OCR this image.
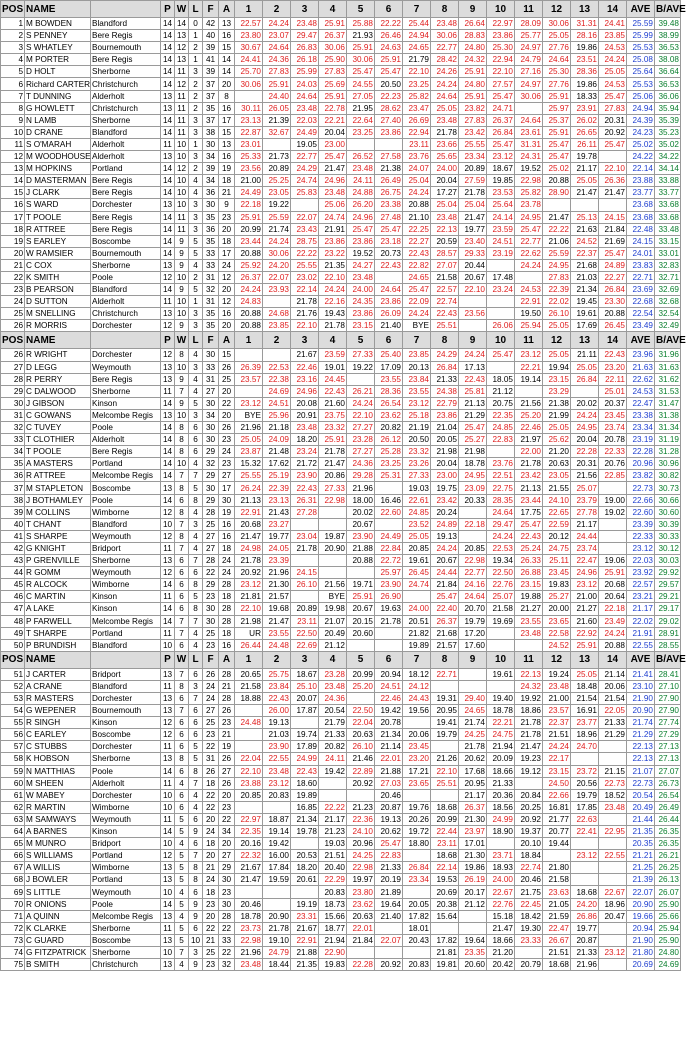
POS	NAME		P	W	L	F	A	1	2	3	4	5	6	7	8	9	10	11	12	13	14	AVE	B/AVE
1	M BOWDEN	Blandford	14	14	0	42	13	22.57	24.24	23.48	25.91	25.88	22.22	25.44	23.48	26.64	22.97	28.09	30.06	31.31	24.41	25.59	39.48
2	S PENNEY	Bere Regis	14	13	1	40	16	23.80	23.07	29.47	26.37	21.93	26.46	24.94	30.06	28.83	23.86	25.77	25.05	28.16	23.85	25.99	38.99
3	S WHATLEY	Bournemouth	14	12	2	39	15	30.67	24.64	26.83	30.06	25.91	24.63	24.65	22.77	24.80	25.30	24.97	27.76	19.86	24.53	25.53	36.53
4	M PORTER	Bere Regis	14	13	1	41	14	24.41	24.36	26.18	25.90	30.06	25.91	21.79	28.42	24.32	22.94	24.79	24.64	23.51	24.24	25.08	38.08
5	D HOLT	Sherborne	14	11	3	39	14	25.70	27.83	25.99	27.83	25.47	25.47	22.10	24.26	25.91	22.10	27.16	25.30	28.36	25.05	25.64	36.64
6	Richard CARTER	Christchurch	14	12	2	37	20	30.06	25.91	24.03	25.69	24.55	20.50	23.25	24.24	24.80	27.57	24.97	27.76	19.86	24.53	25.53	36.53
7	T DUNNING	Alderholt	13	11	2	37	8		24.40	24.64	25.91	27.05	22.23	25.82	24.64	25.91	25.47	30.06	25.91	18.33	25.47	25.06	36.06
8	G HOWLETT	Christchurch	13	11	2	35	16	30.11	26.05	23.48	22.78	21.95	28.62	23.47	25.05	23.82	24.71		25.97	23.91	27.83	24.94	35.94
9	N LAMB	Sherborne	14	11	3	37	17	23.13	21.39	22.03	22.21	22.64	27.40	26.69	23.48	27.83	26.37	24.64	25.37	26.02	20.31	24.39	35.39
10	D CRANE	Blandford	14	11	3	38	15	22.87	32.67	24.49	20.04	23.25	23.86	22.94	21.78	23.42	26.84	23.61	25.91	26.65	20.92	24.23	35.23
11	S O'MARAH	Alderholt	11	10	1	30	13	23.01		19.05	23.00			23.11	23.66	25.55	25.47	31.31	25.47	26.11	25.47	25.02	35.02
12	M WOODHOUSE	Alderholt	13	10	3	34	16	25.33	21.73	22.77	25.47	26.52	27.58	23.76	25.65	23.34	23.12	24.31	25.47	19.78		24.22	34.22
13	M HOPKINS	Portland	14	12	2	39	19	23.56	20.89	24.29	21.47	23.48	21.38	24.07	24.00	20.89	18.67	19.52	25.02	21.17	22.10	22.14	34.14
14	D MASTERMAN	Bere Regis	14	10	4	34	18	21.00	25.25	24.74	24.96	24.11	26.49	25.04	20.04	27.59	19.85	22.98	20.88	25.05	26.36	23.88	33.88
15	J CLARK	Bere Regis	14	10	4	36	21	24.49	23.05	25.83	23.48	24.88	26.75	24.24	17.27	21.78	23.53	25.82	28.90	21.47	21.47	23.77	33.77
16	S WARD	Dorchester	13	10	3	30	9	22.18	19.22		25.06	26.20	23.38	20.88	25.04	25.04	25.64	23.78				23.68	33.68
17	T POOLE	Bere Regis	14	11	3	35	23	25.91	25.59	22.07	24.74	24.96	27.48	21.10	23.48	21.47	24.14	24.95	21.47	25.13	24.15	23.68	33.68
18	R ATTREE	Bere Regis	14	11	3	36	20	20.99	21.74	23.43	21.91	25.47	25.47	22.25	22.13	19.77	23.59	25.47	22.22	21.63	21.84	22.48	33.48
19	S EARLEY	Boscombe	14	9	5	35	18	23.44	24.24	28.75	23.86	23.86	23.18	22.27	20.59	23.40	24.51	22.77	21.06	24.52	21.69	24.15	33.15
20	W RAMSIER	Bournemouth	14	9	5	33	17	20.88	30.06	22.22	23.22	19.52	20.73	22.43	28.57	29.33	23.19	22.62	25.59	22.37	25.47	24.01	33.01
21	C COX	Sherborne	13	9	4	33	24	25.92	24.20	25.55	21.35	24.27	22.43	22.82	27.07	20.44		24.24	24.95	21.68	24.89	23.83	32.83
22	K SMITH	Poole	12	10	2	31	12	26.37	22.07	23.02	22.10	23.48		24.65	21.58	20.67	17.48		27.83	21.03	22.27	22.71	32.71
23	B PEARSON	Blandford	14	9	5	32	20	24.24	23.93	22.14	24.24	24.00	24.64	25.47	22.57	22.10	23.24	24.53	22.39	21.34	26.84	23.69	32.69
24	D SUTTON	Alderholt	11	10	1	31	12	24.83		21.78	22.16	24.35	23.86	22.09	22.74			22.91	22.02	19.45	23.30	22.68	32.68
25	M SNELLING	Christchurch	13	10	3	35	16	20.88	24.68	21.76	19.43	23.86	26.09	24.24	22.43	23.56		19.50	26.10	19.61	20.88	22.54	32.54
26	R MORRIS	Dorchester	12	9	3	35	20	20.88	23.85	22.10	21.78	23.15	21.40	BYE	25.51		26.06	25.94	25.05	17.69	26.45	23.49	32.49
POS	NAME		P	W	L	F	A	1	2	3	4	5	6	7	8	9	10	11	12	13	14	AVE	B/AVE
26	R WRIGHT	Dorchester	12	8	4	30	15			21.67	23.59	27.33	25.40	23.85	24.29	24.24	25.47	23.12	25.05	21.11	22.43	23.96	31.96
27	D LEGG	Weymouth	13	10	3	33	26	26.39	22.53	22.46	19.01	19.22	17.09	20.13	26.84	17.13		22.21	19.94	25.05	23.20	21.63	31.63
28	R PERRY	Bere Regis	13	9	4	31	25	23.57	22.38	23.16	24.45		23.55	23.84	21.33	22.43	18.05	19.14	23.15	26.84	22.11	22.62	31.62
29	C DALWOOD	Sherborne	11	7	4	27	20		24.69	24.96	22.43	26.21	28.36	23.55	24.38	25.81	21.12		23.29		25.01	24.53	31.53
30	J GIBSON	Kinson	14	9	5	30	22	23.12	24.51	20.08	21.60	24.24	26.54	23.12	22.79	21.13	20.75	21.56	21.38	20.02	20.37	22.47	31.47
31	C GOWANS	Melcombe Regis	13	10	3	34	20	BYE	25.96	20.91	23.75	22.10	23.62	25.18	23.86	21.29	22.35	25.20	21.99	24.24	23.45	23.38	31.38
32	C TUVEY	Poole	14	8	6	30	26	21.96	21.18	23.48	23.32	27.27	20.82	21.19	21.04	25.47	24.85	22.46	25.05	24.95	23.74	23.34	31.34
33	T CLOTHIER	Alderholt	14	8	6	30	23	25.05	24.09	18.20	25.91	23.28	26.12	20.50	20.05	25.27	22.83	21.97	25.62	20.04	20.78	23.19	31.19
34	T POOLE	Bere Regis	14	8	6	29	24	23.87	21.48	23.24	21.78	27.27	25.28	23.32	21.98	21.98		22.00	21.20	22.28	22.33	22.28	31.28
35	A MASTERS	Portland	14	10	4	32	23	15.32	17.62	21.72	21.47	24.36	23.25	23.26	20.04	18.78	23.76	21.78	20.63	20.31	20.76	20.96	30.96
36	R ATTREE	Melcombe Regis	14	7	7	29	27	25.55	25.19	23.90	20.86	29.28	25.31	27.33	23.00	24.95	22.51	23.42	23.05	21.56	22.85	23.82	30.82
37	M STAPLETON	Boscombe	13	8	5	30	17	26.24	22.39	22.43	27.33	21.96		19.03	19.75	23.09	22.75	21.13	21.55	25.07		22.73	30.73
38	J BOTHAMLEY	Poole	14	6	8	29	30	21.13	23.13	26.31	22.98	18.00	16.46	22.61	23.42	20.33	28.35	23.44	24.10	23.79	19.00	22.66	30.66
39	M COLLINS	Wimborne	12	8	4	28	19	22.91	21.43	27.28		20.02	22.60	24.85	20.24		24.64	17.75	22.65	27.78	19.02	22.60	30.60
40	T CHANT	Blandford	10	7	3	25	16	20.68	23.27			20.67		23.52	24.89	22.18	29.47	25.47	22.59	21.17		23.39	30.39
41	S SHARPE	Weymouth	12	8	4	27	16	21.47	19.77	23.04	19.87	23.90	24.49	25.05	19.13		24.24	22.43	20.12	24.44		22.33	30.33
42	G KNIGHT	Bridport	11	7	4	27	18	24.98	24.05	21.78	20.90	21.88	22.84	20.85	24.24	20.85	22.53	25.24	24.75	23.74		23.12	30.12
43	P GRENVILLE	Sherborne	13	6	7	28	24	21.78	23.39			20.88	22.72	19.61	20.67	22.98	19.34	26.33	25.11	22.47	19.06	22.03	30.03
44	R GOMM	Weymouth	12	6	6	22	24	20.92	21.96	24.15			25.97	26.45	24.44	22.77	22.50	26.88	23.45	24.96	25.91	23.92	29.92
45	R ALCOCK	Wimborne	14	6	8	29	28	23.12	21.30	26.10	21.56	19.71	23.90	24.74	21.84	24.16	22.76	23.15	19.83	23.12	20.68	22.57	29.57
46	C MARTIN	Kinson	11	6	5	23	18	21.81	21.57		BYE	25.91	26.90		25.47	24.64	25.07	19.88	25.27	21.00	20.64	23.21	29.21
47	A LAKE	Kinson	14	6	8	30	28	22.10	19.68	20.89	19.98	20.67	19.63	24.00	22.40	20.70	21.58	21.27	20.00	21.27	22.18	21.17	29.17
48	P FARWELL	Melcombe Regis	14	7	7	30	28	21.98	21.47	23.11	21.07	20.15	21.78	20.51	26.37	19.79	19.69	23.55	23.65	21.60	23.49	22.02	29.02
49	T SHARPE	Portland	11	7	4	25	18	UR	23.55	22.50	20.49	20.60		21.82	21.68	17.20		23.48	22.58	22.92	24.24	21.91	28.91
50	P BRUNDISH	Blandford	10	6	4	23	16	26.44	24.48	22.69	21.12			19.89	21.57	17.60			24.52	25.91	20.88	22.55	28.55
POS	NAME		P	W	L	F	A	1	2	3	4	5	6	7	8	9	10	11	12	13	14	AVE	B/AVE
51	J CARTER	Bridport	13	7	6	26	28	20.65	25.75	18.67	23.28	20.99	20.94	18.12	22.71		19.61	22.13	19.24	25.05	21.14	21.41	28.41
52	A CRANE	Blandford	11	8	3	24	21	21.58	23.84	25.10	23.48	25.20	24.51	24.12				24.32	23.48	18.48	20.06	23.10	27.10
53	R MASTERS	Dorchester	13	6	7	24	28	18.88	22.43	20.07	24.36		22.46	24.43	19.31	29.40	19.40	19.92	21.00	21.54	21.54	21.90	27.90
54	G WEPENER	Bournemouth	13	7	6	27	26		26.00	17.87	20.54	22.50	19.42	19.56	20.95	24.65	18.78	18.86	23.57	16.91	22.05	20.90	27.90
55	R SINGH	Kinson	12	6	6	25	23	24.48	19.13		21.79	22.04	20.78		19.41	21.74	22.21	21.78	22.37	23.77	21.33	21.74	27.74
56	C EARLEY	Boscombe	12	6	6	23	21		21.03	19.74	21.33	20.63	21.34	20.06	19.79	24.25	24.75	21.78	21.51	18.96	21.29	21.29	27.29
57	C STUBBS	Dorchester	11	6	5	22	19		23.90	17.89	20.82	26.10	21.14	23.45		21.78	21.94	21.47	24.24	24.70		22.13	27.13
58	K HOBSON	Sherborne	13	8	5	31	26	22.04	22.55	24.99	24.11	21.46	22.01	23.20	21.26	20.62	20.09	19.23	22.17			22.13	27.13
59	N MATTHIAS	Poole	14	6	8	26	27	22.10	23.48	22.43	19.42	22.89	21.88	17.21	22.10	17.68	18.66	19.12	23.15	23.72	21.15	21.07	27.07
60	M SHEEN	Alderholt	11	4	7	18	26	23.88	23.12	18.60		20.92	27.03	23.65	25.51	20.95	21.33		24.50	20.56	22.73	22.73	26.73
61	W MABEY	Dorchester	10	6	4	22	20	20.85	20.83	19.89			20.46			21.17	20.36	20.84	22.66	19.79	18.52	20.54	26.54
62	R MARTIN	Wimborne	10	6	4	22	23			16.85	22.22	21.23	20.87	19.76	18.68	26.37	18.56	20.25	16.81	17.85	23.48	20.49	26.49
63	M SAMWAYS	Weymouth	11	5	6	20	22	22.97	18.87	21.34	21.17	22.36	19.13	20.26	20.99	21.30	24.99	20.92	21.77	22.63		21.44	26.44
64	A BARNES	Kinson	14	5	9	24	34	22.35	19.14	19.78	21.23	24.10	20.62	19.72	22.44	23.97	18.90	19.37	20.77	22.41	22.95	21.35	26.35
65	M MUNRO	Bridport	10	4	6	18	20	20.16	19.42		19.03	20.96	25.47	18.80	23.11	17.01		20.10	19.44			20.35	26.35
66	S WILLIAMS	Portland	12	5	7	20	27	22.32	16.00	20.53	21.51	24.25	22.83		18.68	21.30	23.71	18.84		23.12	22.55	21.21	26.21
67	A WILLIS	Wimborne	13	5	8	21	29	21.67	17.84	18.20	20.40	22.98	21.33	26.84	22.14	19.86	18.93	22.74	21.80			21.25	26.25
68	J BOWLER	Portland	13	5	8	24	30	21.47	19.59	20.61	22.29	19.97	20.19	23.34	19.53	26.19	24.00	20.46	21.58			21.39	26.13
69	S LITTLE	Weymouth	10	4	6	18	23				20.83	23.80	21.89		20.69	20.17	22.67	21.75	23.63	18.68	22.67	22.07	26.07
70	R ONIONS	Poole	14	5	9	23	30	20.46		19.19	18.73	23.62	19.64	20.05	20.38	21.12	22.76	22.45	21.05	24.20	18.96	20.90	25.90
71	A QUINN	Melcombe Regis	13	4	9	20	28	18.78	20.90	23.31	15.66	20.63	21.40	17.82	15.64		15.18	18.42	21.59	26.86	20.47	19.66	25.66
72	K CLARKE	Sherborne	11	5	6	22	22	23.73	21.78	21.67	18.77	22.01		18.01			21.47	19.30	22.47	19.77		20.94	25.94
73	C GUARD	Boscombe	13	5	10	21	33	22.98	19.10	22.91	21.94	21.84	22.07	20.43	17.82	19.64	18.66	23.33	26.67	20.87		21.90	25.90
74	G FITZPATRICK	Sherborne	10	7	3	25	22	21.96	24.79	21.88	22.90				21.81	23.35	21.20		21.51	21.33	23.12	21.80	24.80
75	B SMITH	Christchurch	13	4	9	23	32	23.48	18.44	21.35	19.83	22.28	20.92	20.83	19.81	20.60	20.42	20.79	18.68	21.96		20.69	24.69
